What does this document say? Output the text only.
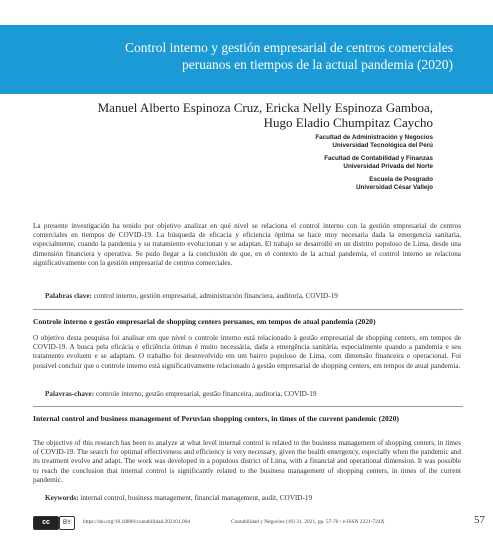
Control interno y gestión empresarial de centros comerciales
peruanos en tiempos de la actual pandemia (2020)
Manuel Alberto Espinoza Cruz, Ericka Nelly Espinoza Gamboa,
Hugo Eladio Chumpitaz Caycho
Facultad de Administración y Negocios
Universidad Tecnológica del Perú
Facultad de Contabilidad y Finanzas
Universidad Privada del Norte
Escuela de Posgrado
Universidad César Vallejo
La presente investigación ha tenido por objetivo analizar en qué nivel se relaciona el control interno con la gestión empresarial de centros comerciales en tiempos de COVID-19. La búsqueda de eficacia y eficiencia óptima se hace muy necesaria dada la emergencia sanitaria, especialmente, cuando la pandemia y su tratamiento evolucionan y se adaptan. El trabajo se desarrolló en un distrito populoso de Lima, desde una dimensión financiera y operativa. Se pudo llegar a la conclusión de que, en el contexto de la actual pandemia, el control interno se relaciona significativamente con la gestión empresarial de centros comerciales.
Palabras clave: control interno, gestión empresarial, administración financiera, auditoría, COVID-19
Controle interno e gestão empresarial de shopping centers peruanos, em tempos de atual pandemia (2020)
O objetivo desta pesquisa foi analisar em que nível o controle interno está relacionado à gestão empresarial de shopping centers, em tempos de COVID-19. A busca pela eficácia e eficiência ótimas é muito necessária, dada a emergência sanitária, especialmente quando a pandemia e seu tratamento evoluem e se adaptam. O trabalho foi desenvolvido em um bairro populoso de Lima, com dimensão financeira e operacional. Foi possível concluir que o controle interno está significativamente relacionado à gestão empresarial de shopping centers, em tempos de atual pandemia.
Palavras-chave: controle interno, gestão empresarial, gestão financeira, auditoria, COVID-19
Internal control and business management of Peruvian shopping centers, in times of the current pandemic (2020)
The objective of this research has been to analyze at what level internal control is related to the business management of shopping centers, in times of COVID-19. The search for optimal effectiveness and efficiency is very necessary, given the health emergency, especially when the pandemic and its treatment evolve and adapt. The work was developed in a populous district of Lima, with a financial and operational dimension. It was possible to reach the conclusion that internal control is significantly related to the business management of shopping centers, in times of the current pandemic.
Keywords: internal control, business management, financial management, audit, COVID-19
cc	BY	https://doi.org/10.18800/contabilidad.202101.004	Contabilidad y Negocios (16) 31, 2021, pp. 57-70 / e-ISSN 2221-724X	57
